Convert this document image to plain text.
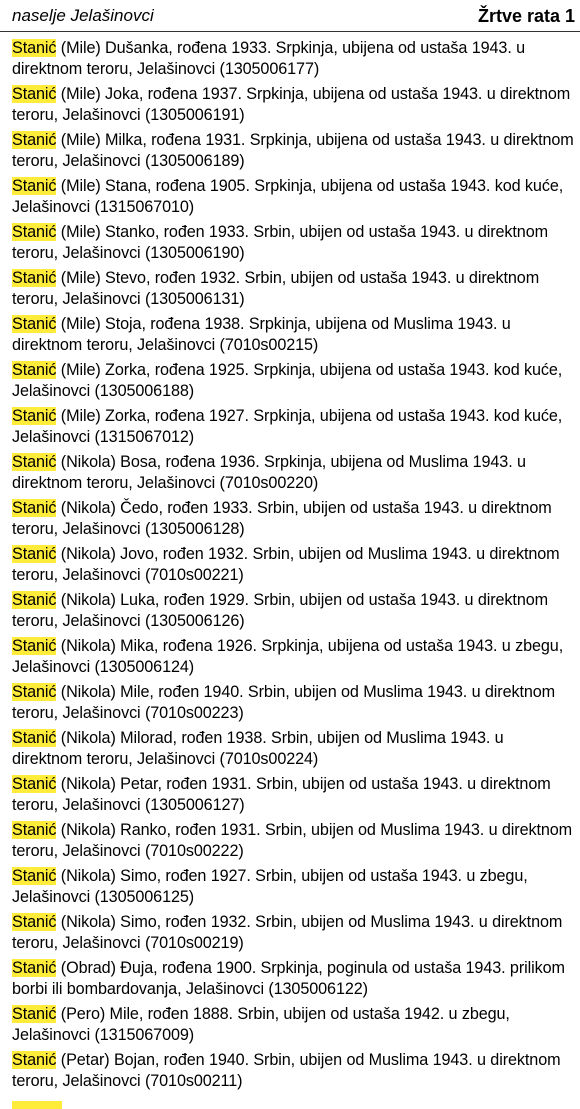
naselje Jelašinovci	Žrtve rata 1
Stanić (Mile) Dušanka, rođena 1933. Srpkinja, ubijena od ustaša 1943. u direktnom teroru, Jelašinovci (1305006177)
Stanić (Mile) Joka, rođena 1937. Srpkinja, ubijena od ustaša 1943. u direktnom teroru, Jelašinovci (1305006191)
Stanić (Mile) Milka, rođena 1931. Srpkinja, ubijena od ustaša 1943. u direktnom teroru, Jelašinovci (1305006189)
Stanić (Mile) Stana, rođena 1905. Srpkinja, ubijena od ustaša 1943. kod kuće, Jelašinovci (1315067010)
Stanić (Mile) Stanko, rođen 1933. Srbin, ubijen od ustaša 1943. u direktnom teroru, Jelašinovci (1305006190)
Stanić (Mile) Stevo, rođen 1932. Srbin, ubijen od ustaša 1943. u direktnom teroru, Jelašinovci (1305006131)
Stanić (Mile) Stoja, rođena 1938. Srpkinja, ubijena od Muslima 1943. u direktnom teroru, Jelašinovci (7010s00215)
Stanić (Mile) Zorka, rođena 1925. Srpkinja, ubijena od ustaša 1943. kod kuće, Jelašinovci (1305006188)
Stanić (Mile) Zorka, rođena 1927. Srpkinja, ubijena od ustaša 1943. kod kuće, Jelašinovci (1315067012)
Stanić (Nikola) Bosa, rođena 1936. Srpkinja, ubijena od Muslima 1943. u direktnom teroru, Jelašinovci (7010s00220)
Stanić (Nikola) Čedo, rođen 1933. Srbin, ubijen od ustaša 1943. u direktnom teroru, Jelašinovci (1305006128)
Stanić (Nikola) Jovo, rođen 1932. Srbin, ubijen od Muslima 1943. u direktnom teroru, Jelašinovci (7010s00221)
Stanić (Nikola) Luka, rođen 1929. Srbin, ubijen od ustaša 1943. u direktnom teroru, Jelašinovci (1305006126)
Stanić (Nikola) Mika, rođena 1926. Srpkinja, ubijena od ustaša 1943. u zbegu, Jelašinovci (1305006124)
Stanić (Nikola) Mile, rođen 1940. Srbin, ubijen od Muslima 1943. u direktnom teroru, Jelašinovci (7010s00223)
Stanić (Nikola) Milorad, rođen 1938. Srbin, ubijen od Muslima 1943. u direktnom teroru, Jelašinovci (7010s00224)
Stanić (Nikola) Petar, rođen 1931. Srbin, ubijen od ustaša 1943. u direktnom teroru, Jelašinovci (1305006127)
Stanić (Nikola) Ranko, rođen 1931. Srbin, ubijen od Muslima 1943. u direktnom teroru, Jelašinovci (7010s00222)
Stanić (Nikola) Simo, rođen 1927. Srbin, ubijen od ustaša 1943. u zbegu, Jelašinovci (1305006125)
Stanić (Nikola) Simo, rođen 1932. Srbin, ubijen od Muslima 1943. u direktnom teroru, Jelašinovci (7010s00219)
Stanić (Obrad) Đuja, rođena 1900. Srpkinja, poginula od ustaša 1943. prilikom borbi ili bombardovanja, Jelašinovci (1305006122)
Stanić (Pero) Mile, rođen 1888. Srbin, ubijen od ustaša 1942. u zbegu, Jelašinovci (1315067009)
Stanić (Petar) Bojan, rođen 1940. Srbin, ubijen od Muslima 1943. u direktnom teroru, Jelašinovci (7010s00211)
